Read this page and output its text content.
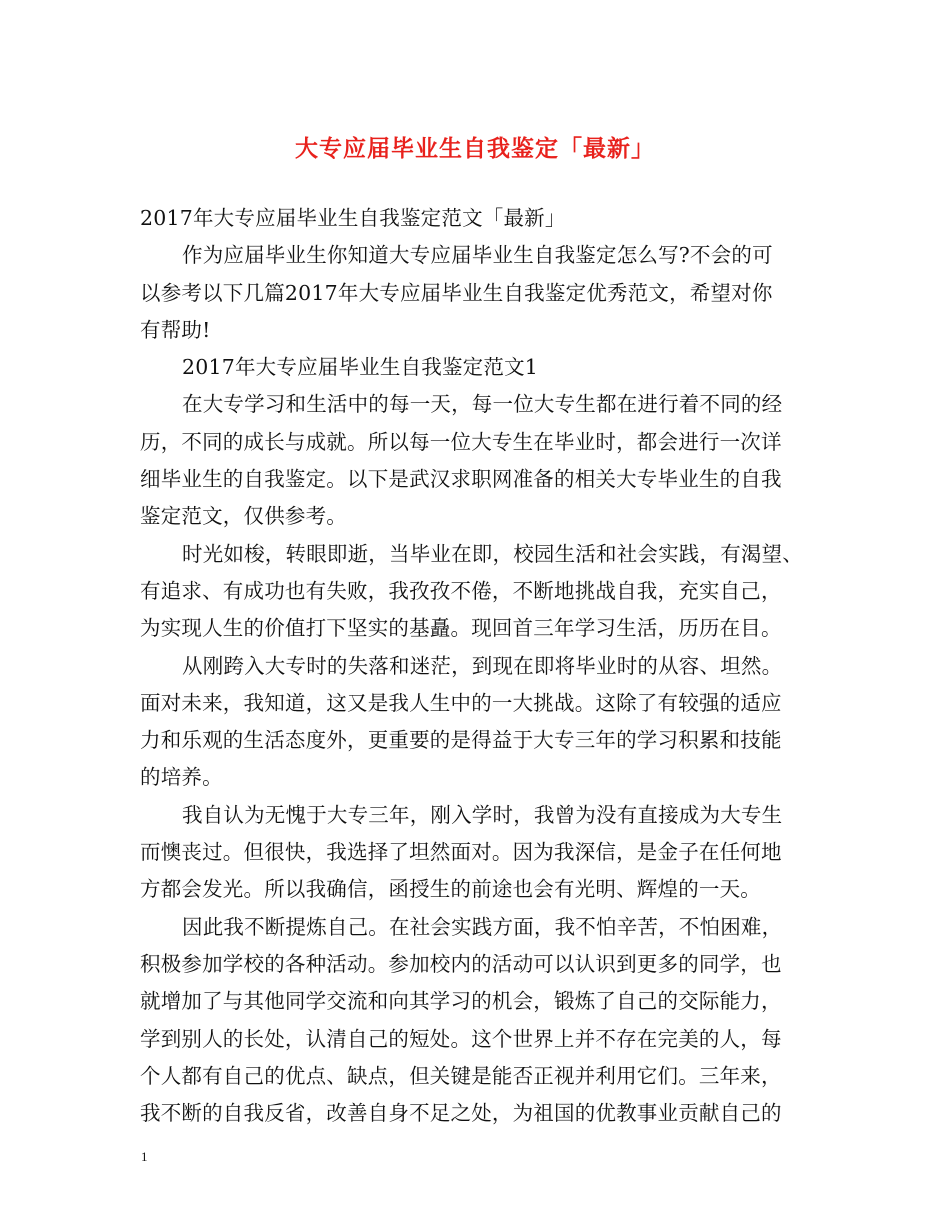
大专应届毕业生自我鉴定「最新」
2017年大专应届毕业生自我鉴定范文「最新」
作为应届毕业生你知道大专应届毕业生自我鉴定怎么写?不会的可
以参考以下几篇2017年大专应届毕业生自我鉴定优秀范文，希望对你
有帮助!
2017年大专应届毕业生自我鉴定范文1
在大专学习和生活中的每一天，每一位大专生都在进行着不同的经
历，不同的成长与成就。所以每一位大专生在毕业时，都会进行一次详
细毕业生的自我鉴定。以下是武汉求职网准备的相关大专毕业生的自我
鉴定范文，仅供参考。
时光如梭，转眼即逝，当毕业在即，校园生活和社会实践，有渴望、
有追求、有成功也有失败，我孜孜不倦，不断地挑战自我，充实自己，
为实现人生的价值打下坚实的基矗。现回首三年学习生活，历历在目。
从刚跨入大专时的失落和迷茫，到现在即将毕业时的从容、坦然。
面对未来，我知道，这又是我人生中的一大挑战。这除了有较强的适应
力和乐观的生活态度外，更重要的是得益于大专三年的学习积累和技能
的培养。
我自认为无愧于大专三年，刚入学时，我曾为没有直接成为大专生
而懊丧过。但很快，我选择了坦然面对。因为我深信，是金子在任何地
方都会发光。所以我确信，函授生的前途也会有光明、辉煌的一天。
因此我不断提炼自己。在社会实践方面，我不怕辛苦，不怕困难，
积极参加学校的各种活动。参加校内的活动可以认识到更多的同学，也
就增加了与其他同学交流和向其学习的机会，锻炼了自己的交际能力，
学到别人的长处，认清自己的短处。这个世界上并不存在完美的人，每
个人都有自己的优点、缺点，但关键是能否正视并利用它们。三年来，
我不断的自我反省，改善自身不足之处，为祖国的优教事业贡献自己的
1
